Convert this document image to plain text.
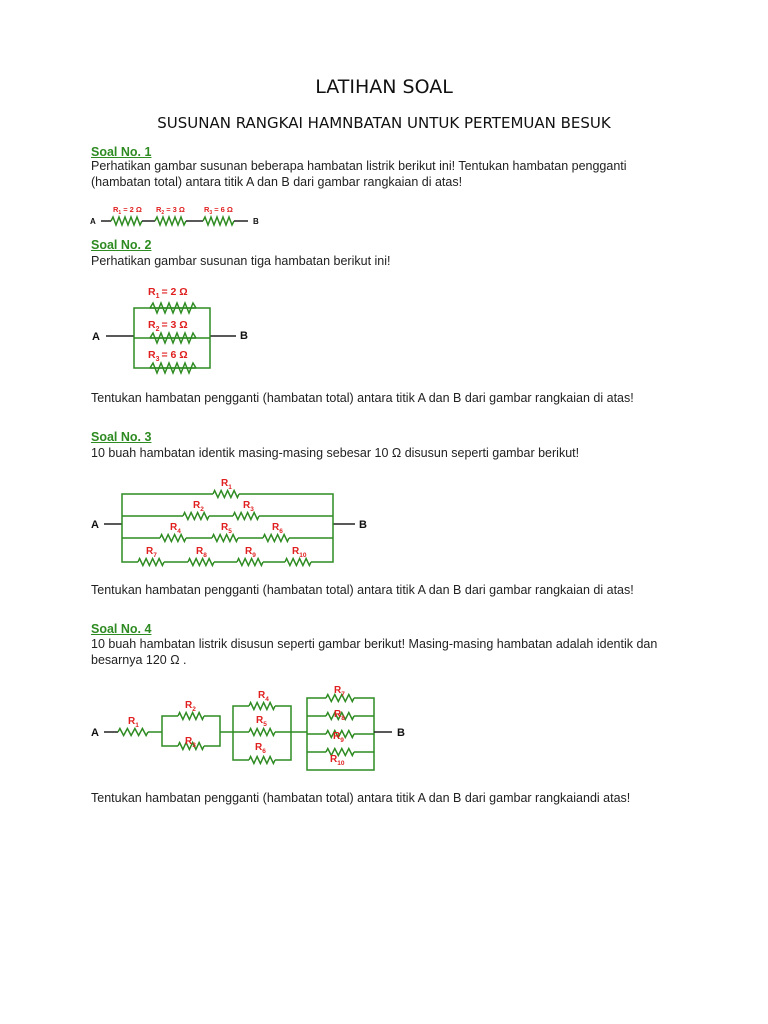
LATIHAN SOAL
SUSUNAN RANGKAI HAMNBATAN UNTUK PERTEMUAN BESUK
Soal No. 1
Perhatikan gambar susunan beberapa hambatan listrik berikut ini! Tentukan hambatan pengganti (hambatan total) antara titik A dan B dari gambar rangkaian di atas!
A	B
$R_1 = 2$ Ω $R_2 = 3$ Ω	$R_3 = 6$ Ω
Soal No. 2
Perhatikan gambar susunan tiga hambatan berikut ini!
A	B
$R_1 = 2$ Ω
$R_2 = 3$ Ω
$R_3 = 6$ Ω
Tentukan hambatan pengganti (hambatan total) antara titik A dan B dari gambar rangkaian di atas!
Soal No. 3
10 buah hambatan identik masing-masing sebesar 10 Ω disusun seperti gambar berikut!
$R_1$
$R_2$	$R_3$
$R_4$	$R_5$	$R_6$
$R_7$	$R_8$	$R_9$	$R_{10}$
A	B
Tentukan hambatan pengganti (hambatan total) antara titik A dan B dari gambar rangkaian di atas!
Soal No. 4
10 buah hambatan listrik disusun seperti gambar berikut! Masing-masing hambatan adalah identik dan besarnya 120 Ω .
$R_1$
$R_2$
$R_3$
$R_4$
$R_5$
$R_6$
$R_7$
$R_8$
$R_9$
$R_{10}$
A	B
Tentukan hambatan pengganti (hambatan total) antara titik A dan B dari gambar rangkaiandi atas!
